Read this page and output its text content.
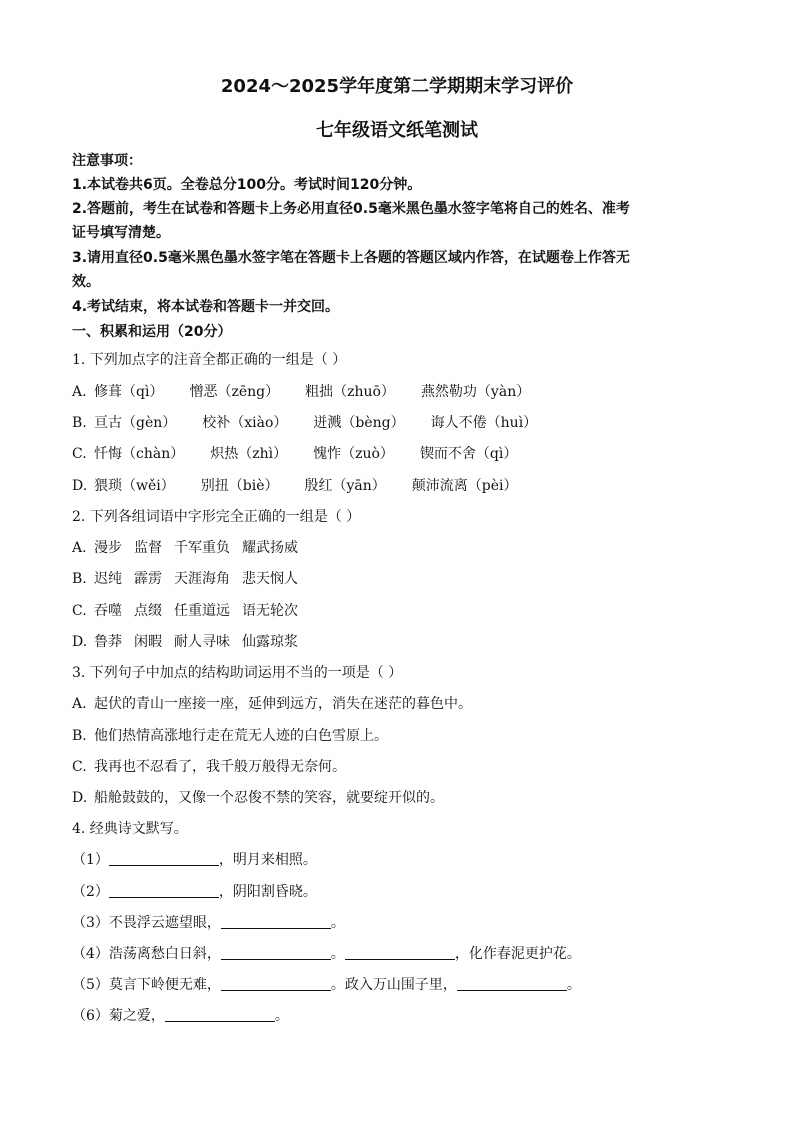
2024～2025学年度第二学期期末学习评价
七年级语文纸笔测试
注意事项：
1.本试卷共6页。全卷总分100分。考试时间120分钟。
2.答题前，考生在试卷和答题卡上务必用直径0.5毫米黑色墨水签字笔将自己的姓名、准考
证号填写清楚。
3.请用直径0.5毫米黑色墨水签字笔在答题卡上各题的答题区域内作答，在试题卷上作答无
效。
4.考试结束，将本试卷和答题卡一并交回。
一、积累和运用（20分）
1. 下列加点字的注音全都正确的一组是（ ）
A. 修葺（qì） 憎恶（zēng） 粗拙（zhuō） 燕然勒功（yàn）
B. 亘古（gèn） 校补（xiào） 迸溅（bèng） 诲人不倦（huì）
C. 忏悔（chàn） 炽热（zhì） 愧怍（zuò） 锲而不舍（qì）
D. 猥琐（wěi） 别扭（biè） 殷红（yān） 颠沛流离（pèi）
2. 下列各组词语中字形完全正确的一组是（ ）
A. 漫步 监督 千军重负 耀武扬威
B. 迟纯 霹雳 天涯海角 悲天悯人
C. 吞噬 点缀 任重道远 语无轮次
D. 鲁莽 闲暇 耐人寻味 仙露琼浆
3. 下列句子中加点的结构助词运用不当的一项是（ ）
A. 起伏的青山一座接一座，延伸到远方，消失在迷茫的暮色中。
B. 他们热情高涨地行走在荒无人迹的白色雪原上。
C. 我再也不忍看了，我千般万般得无奈何。
D. 船舱鼓鼓的，又像一个忍俊不禁的笑容，就要绽开似的。
4. 经典诗文默写。
（1）	，明月来相照。
（2）	，阴阳割昏晓。
（3）不畏浮云遮望眼，	。
（4）浩荡离愁白日斜，	。	，化作春泥更护花。
（5）莫言下岭便无难，	。政入万山围子里，	。
（6）菊之爱，	。
